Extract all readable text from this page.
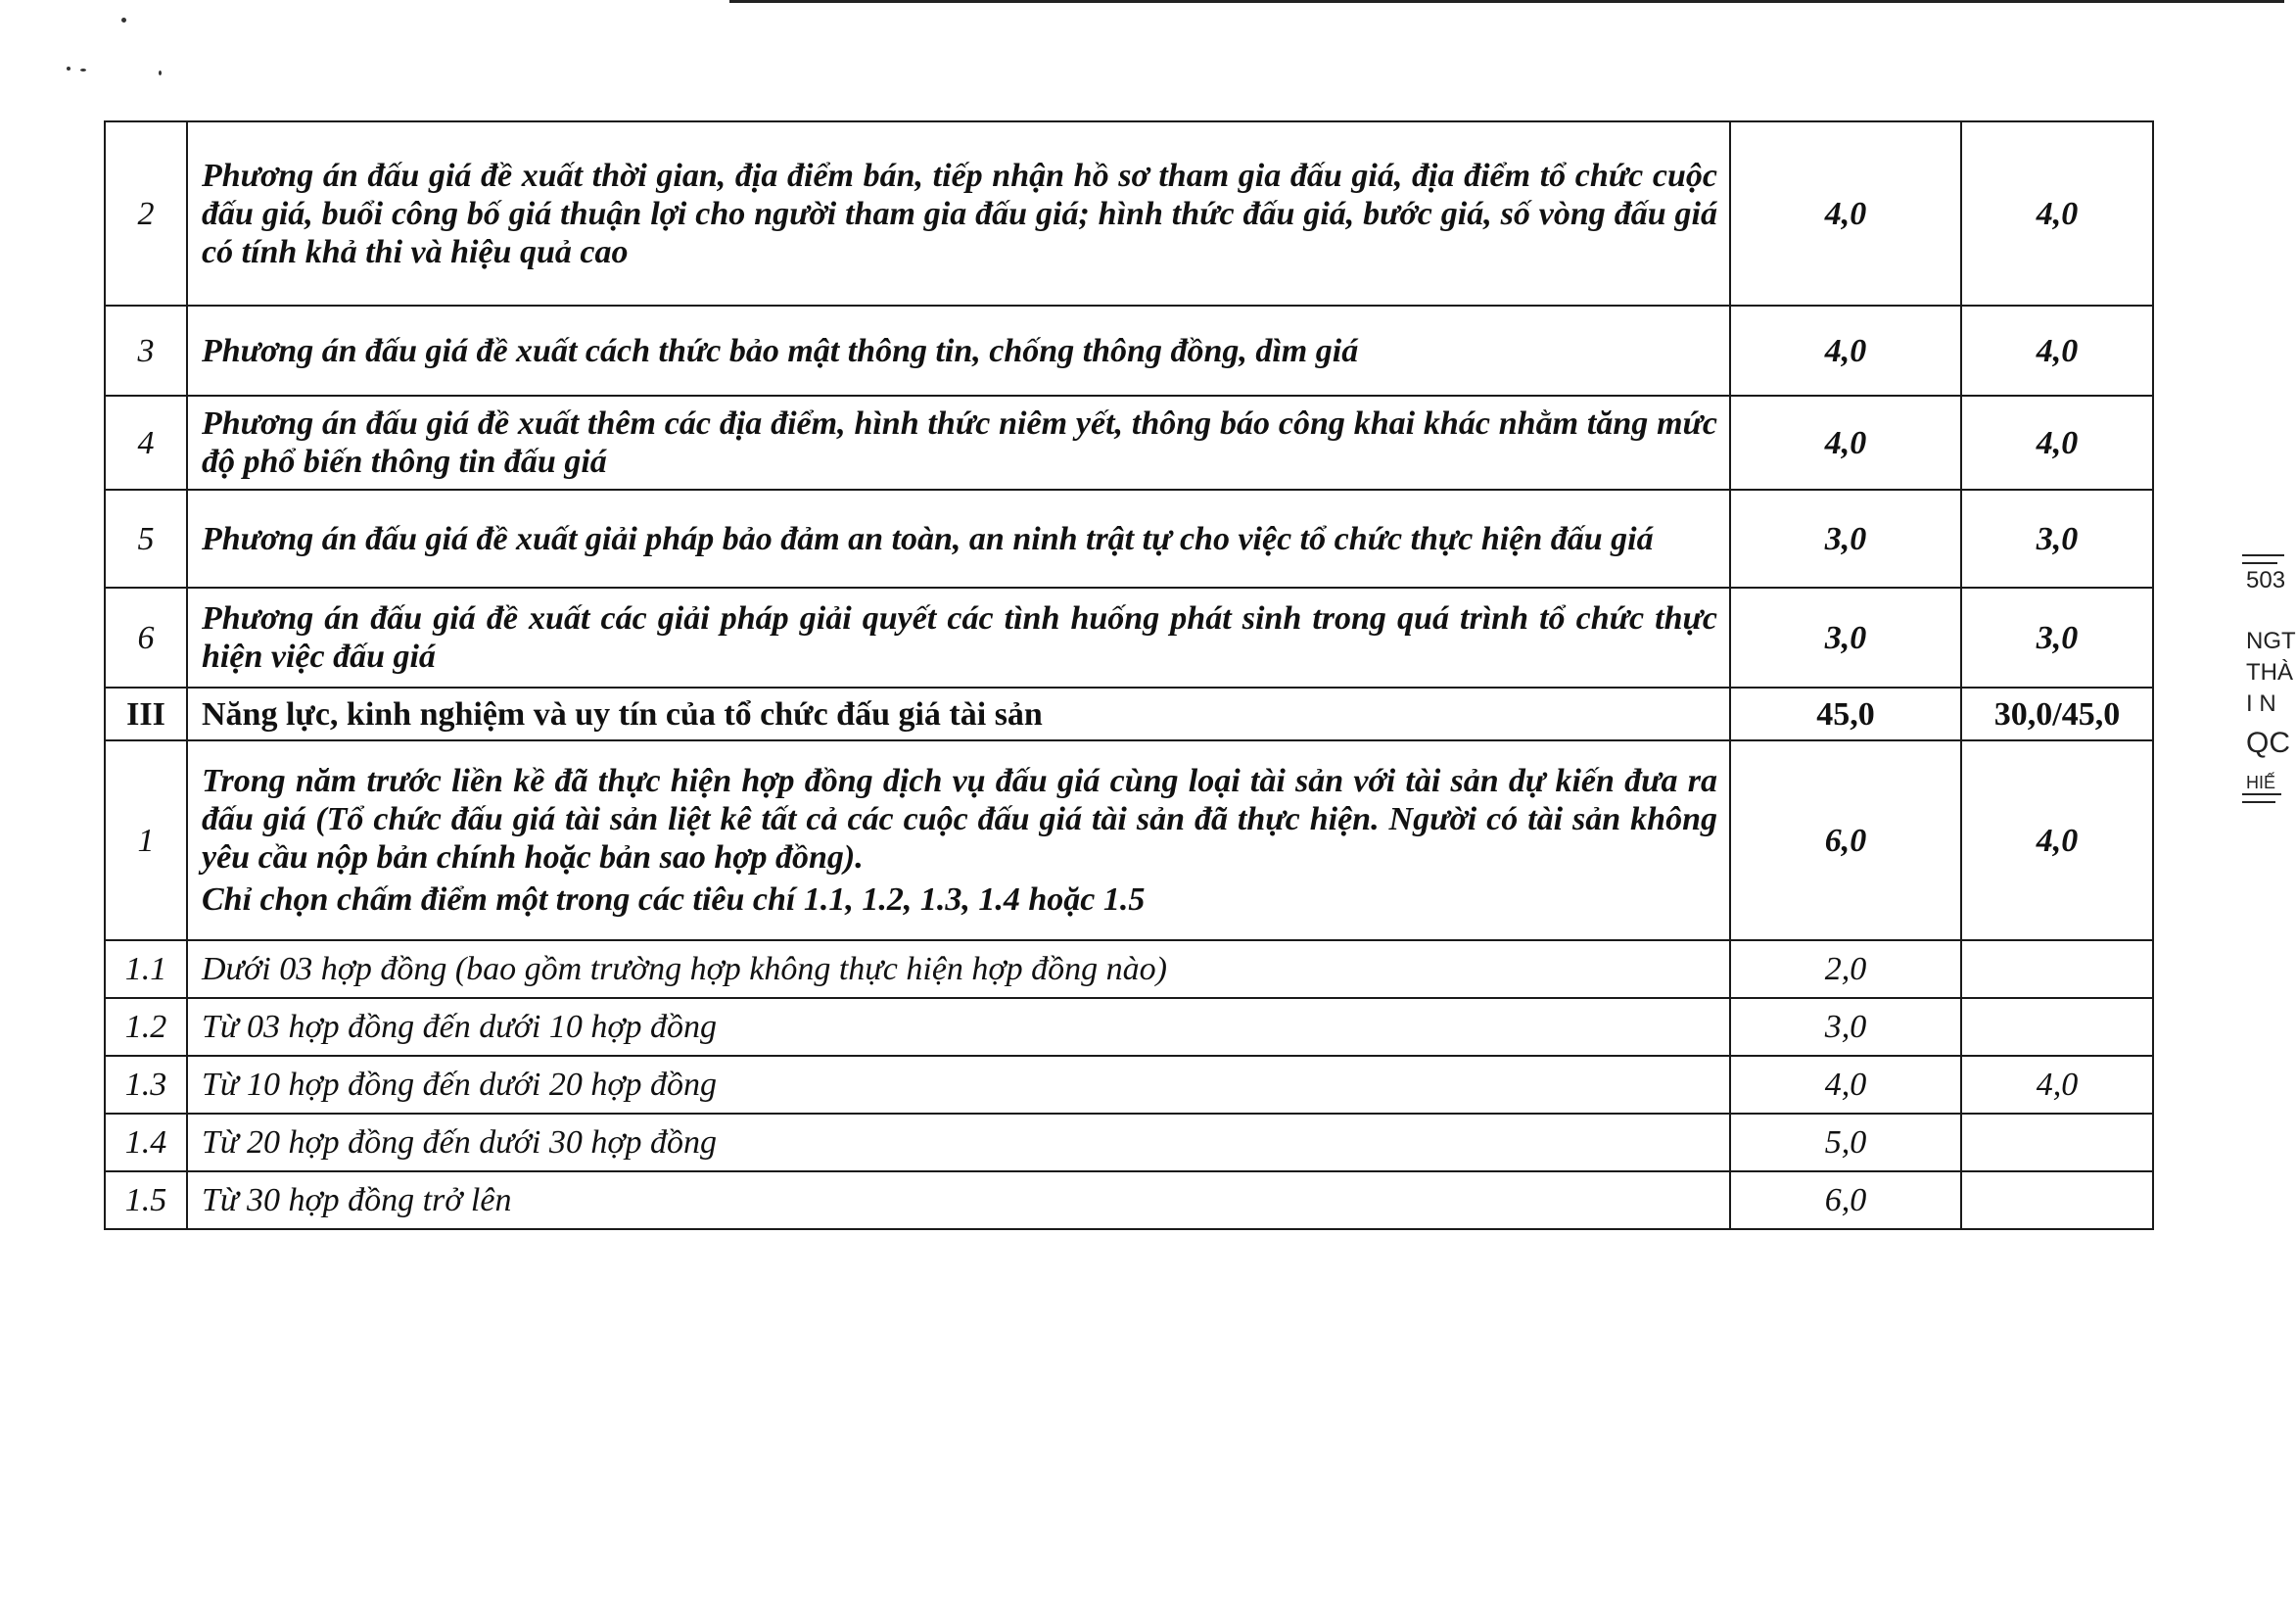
2	Phương án đấu giá đề xuất thời gian, địa điểm bán, tiếp nhận hồ sơ tham gia đấu giá, địa điểm tổ chức cuộc đấu giá, buổi công bố giá thuận lợi cho người tham gia đấu giá; hình thức đấu giá, bước giá, số vòng đấu giá có tính khả thi và hiệu quả cao	4,0	4,0
3	Phương án đấu giá đề xuất cách thức bảo mật thông tin, chống thông đồng, dìm giá	4,0	4,0
4	Phương án đấu giá đề xuất thêm các địa điểm, hình thức niêm yết, thông báo công khai khác nhằm tăng mức độ phổ biến thông tin đấu giá	4,0	4,0
5	Phương án đấu giá đề xuất giải pháp bảo đảm an toàn, an ninh trật tự cho việc tổ chức thực hiện đấu giá	3,0	3,0
6	Phương án đấu giá đề xuất các giải pháp giải quyết các tình huống phát sinh trong quá trình tổ chức thực hiện việc đấu giá	3,0	3,0
III	Năng lực, kinh nghiệm và uy tín của tổ chức đấu giá tài sản	45,0	30,0/45,0
1	Trong năm trước liền kề đã thực hiện hợp đồng dịch vụ đấu giá cùng loại tài sản với tài sản dự kiến đưa ra đấu giá (Tổ chức đấu giá tài sản liệt kê tất cả các cuộc đấu giá tài sản đã thực hiện. Người có tài sản không yêu cầu nộp bản chính hoặc bản sao hợp đồng).
Chỉ chọn chấm điểm một trong các tiêu chí 1.1, 1.2, 1.3, 1.4 hoặc 1.5	6,0	4,0
1.1	Dưới 03 hợp đồng (bao gồm trường hợp không thực hiện hợp đồng nào)	2,0	
1.2	Từ 03 hợp đồng đến dưới 10 hợp đồng	3,0	
1.3	Từ 10 hợp đồng đến dưới 20 hợp đồng	4,0	4,0
1.4	Từ 20 hợp đồng đến dưới 30 hợp đồng	5,0	
1.5	Từ 30 hợp đồng trở lên	6,0	
503
NGT
THÀ
I N
QC
HIẾ
